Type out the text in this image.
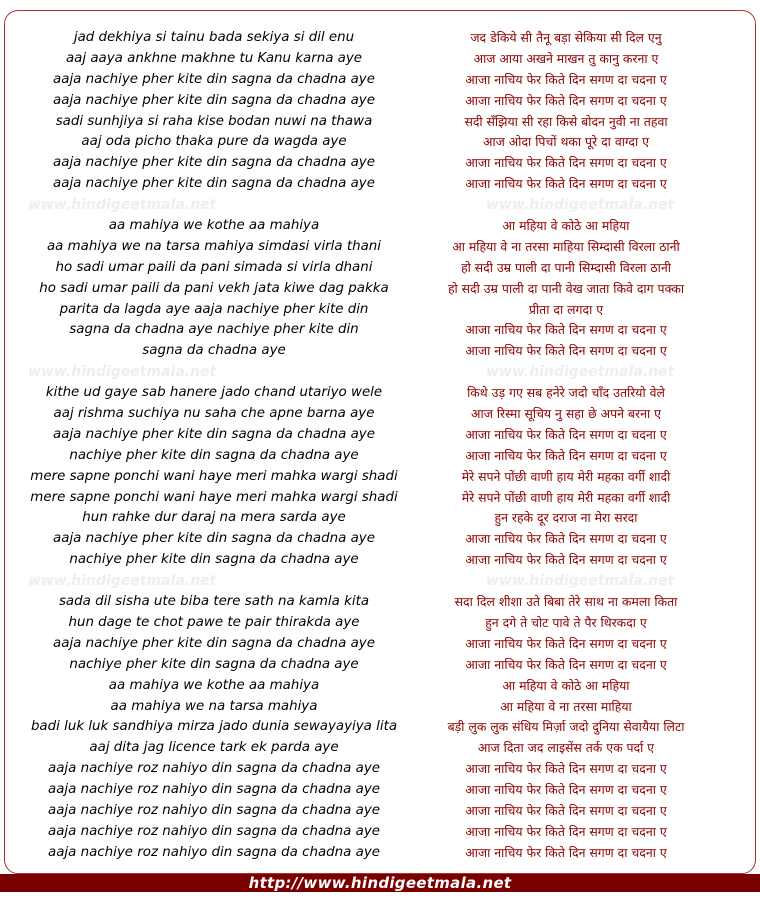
jad dekhiya si tainu bada sekiya si dil enu
aaj aaya ankhne makhne tu Kanu karna aye
aaja nachiye pher kite din sagna da chadna aye
aaja nachiye pher kite din sagna da chadna aye
sadi sunhjiya si raha kise bodan nuwi na thawa
aaj oda picho thaka pure da wagda aye
aaja nachiye pher kite din sagna da chadna aye
aaja nachiye pher kite din sagna da chadna aye
www.hindigeetmala.net
aa mahiya we kothe aa mahiya
aa mahiya we na tarsa mahiya simdasi virla thani
ho sadi umar paili da pani simada si virla dhani
ho sadi umar paili da pani vekh jata kiwe dag pakka
parita da lagda aye aaja nachiye pher kite din
sagna da chadna aye nachiye pher kite din
sagna da chadna aye
www.hindigeetmala.net
kithe ud gaye sab hanere jado chand utariyo wele
aaj rishma suchiya nu saha che apne barna aye
aaja nachiye pher kite din sagna da chadna aye
nachiye pher kite din sagna da chadna aye
mere sapne ponchi wani haye meri mahka wargi shadi
mere sapne ponchi wani haye meri mahka wargi shadi
hun rahke dur daraj na mera sarda aye
aaja nachiye pher kite din sagna da chadna aye
nachiye pher kite din sagna da chadna aye
www.hindigeetmala.net
sada dil sisha ute biba tere sath na kamla kita
hun dage te chot pawe te pair thirakda aye
aaja nachiye pher kite din sagna da chadna aye
nachiye pher kite din sagna da chadna aye
aa mahiya we kothe aa mahiya
aa mahiya we na tarsa mahiya
badi luk luk sandhiya mirza jado dunia sewayayiya lita
aaj dita jag licence tark ek parda aye
aaja nachiye roz nahiyo din sagna da chadna aye
aaja nachiye roz nahiyo din sagna da chadna aye
aaja nachiye roz nahiyo din sagna da chadna aye
aaja nachiye roz nahiyo din sagna da chadna aye
aaja nachiye roz nahiyo din sagna da chadna aye
जद डेकिये सी तैनू बड़ा सेकिया सी दिल एनु
आज आया अखने माखन तु कानु करना ए
आजा नाचिय फेर किते दिन सगण दा चदना ए
आजा नाचिय फेर किते दिन सगण दा चदना ए
सदी सँझिया सी रहा किसे बोदन नुवी ना तहवा
आज ओदा पिचों थका पूरे दा वाग्दा ए
आजा नाचिय फेर किते दिन सगण दा चदना ए
आजा नाचिय फेर किते दिन सगण दा चदना ए
www.hindigeetmala.net
आ महिया वे कोठे आ महिया
आ महिया वे ना तरसा माहिया सिम्दासी विरला ठानी
हो सदी उम्र पाली दा पानी सिम्दासी विरला ठानी
हो सदी उम्र पाली दा पानी वेख जाता किवे दाग पक्का
प्रीता दा लगदा ए
आजा नाचिय फेर किते दिन सगण दा चदना ए
आजा नाचिय फेर किते दिन सगण दा चदना ए
www.hindigeetmala.net
किथे उड़ गए सब हनेरे जदो चाँद उतरियो वेले
आज रिस्मा सूचिय नु सहा छे अपने बरना ए
आजा नाचिय फेर किते दिन सगण दा चदना ए
आजा नाचिय फेर किते दिन सगण दा चदना ए
मेरे सपने पोंछी वाणी हाय मेरी महका वर्गी शादी
मेरे सपने पोंछी वाणी हाय मेरी महका वर्गी शादी
हुन रहके दूर दराज ना मेरा सरदा
आजा नाचिय फेर किते दिन सगण दा चदना ए
आजा नाचिय फेर किते दिन सगण दा चदना ए
www.hindigeetmala.net
सदा दिल शीशा उते बिबा तेरे साथ ना कमला किता
हुन दगे ते चोट पावे ते पैर थिरकदा ए
आजा नाचिय फेर किते दिन सगण दा चदना ए
आजा नाचिय फेर किते दिन सगण दा चदना ए
आ महिया वे कोठे आ महिया
आ महिया वे ना तरसा माहिया
बड़ी लुक लुक संधिय मिर्ज़ा जदो दुनिया सेवायैया लिटा
आज दिता जद लाइसेंस तर्क एक पर्दा ए
आजा नाचिय फेर किते दिन सगण दा चदना ए
आजा नाचिय फेर किते दिन सगण दा चदना ए
आजा नाचिय फेर किते दिन सगण दा चदना ए
आजा नाचिय फेर किते दिन सगण दा चदना ए
आजा नाचिय फेर किते दिन सगण दा चदना ए
http://www.hindigeetmala.net
